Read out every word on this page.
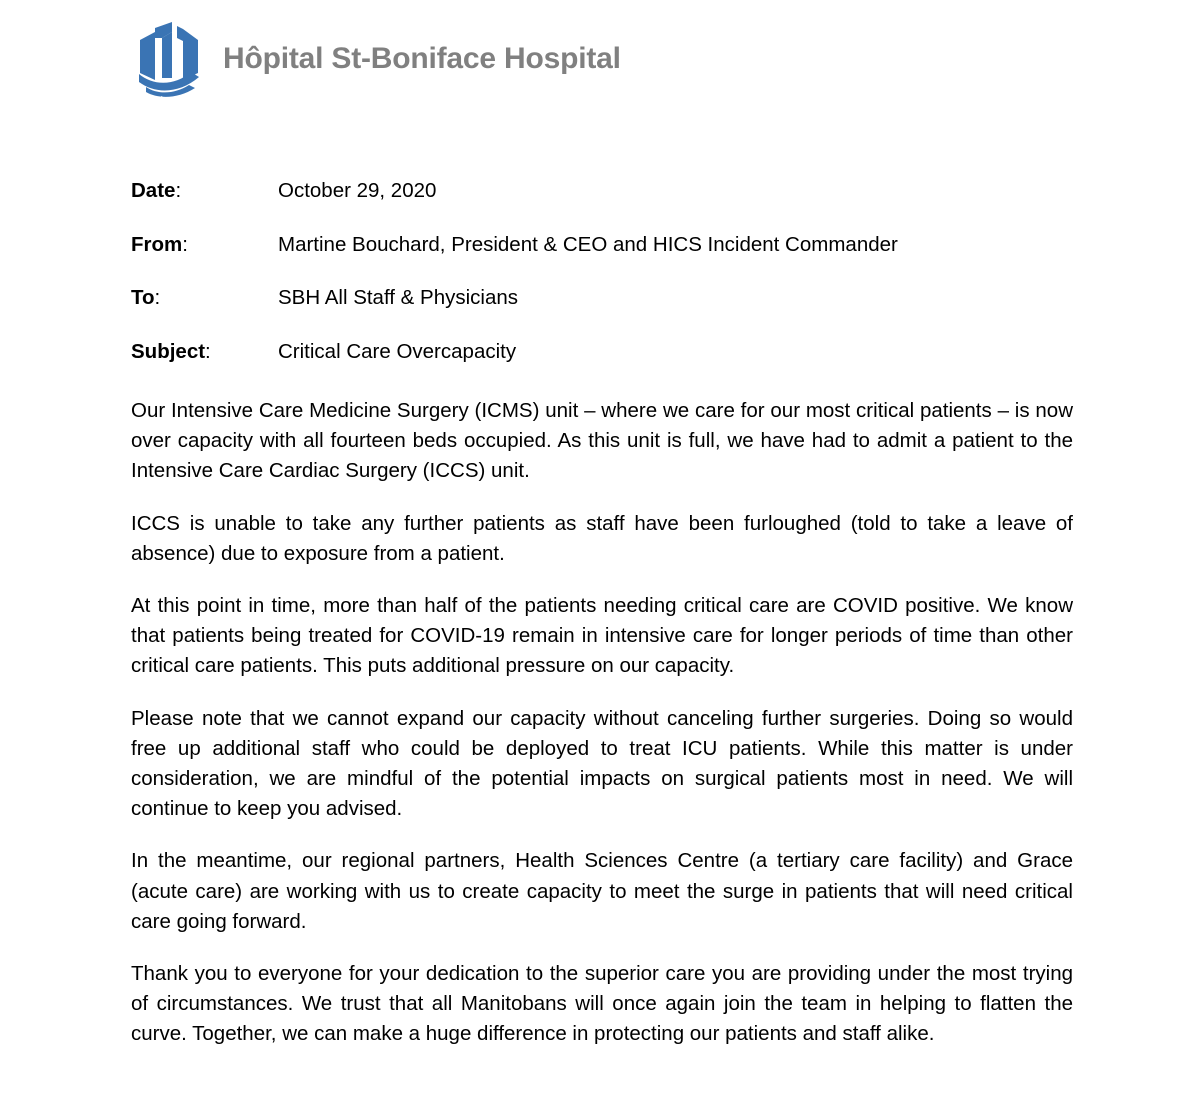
Hôpital St-Boniface Hospital
Date:	October 29, 2020
From:	Martine Bouchard, President & CEO and HICS Incident Commander
To:	SBH All Staff & Physicians
Subject:	Critical Care Overcapacity

Our Intensive Care Medicine Surgery (ICMS) unit – where we care for our most critical patients – is now over capacity with all fourteen beds occupied. As this unit is full, we have had to admit a patient to the Intensive Care Cardiac Surgery (ICCS) unit.

ICCS is unable to take any further patients as staff have been furloughed (told to take a leave of absence) due to exposure from a patient.

At this point in time, more than half of the patients needing critical care are COVID positive. We know that patients being treated for COVID-19 remain in intensive care for longer periods of time than other critical care patients. This puts additional pressure on our capacity.

Please note that we cannot expand our capacity without canceling further surgeries. Doing so would free up additional staff who could be deployed to treat ICU patients. While this matter is under consideration, we are mindful of the potential impacts on surgical patients most in need. We will continue to keep you advised.

In the meantime, our regional partners, Health Sciences Centre (a tertiary care facility) and Grace (acute care) are working with us to create capacity to meet the surge in patients that will need critical care going forward.

Thank you to everyone for your dedication to the superior care you are providing under the most trying of circumstances. We trust that all Manitobans will once again join the team in helping to flatten the curve. Together, we can make a huge difference in protecting our patients and staff alike.
